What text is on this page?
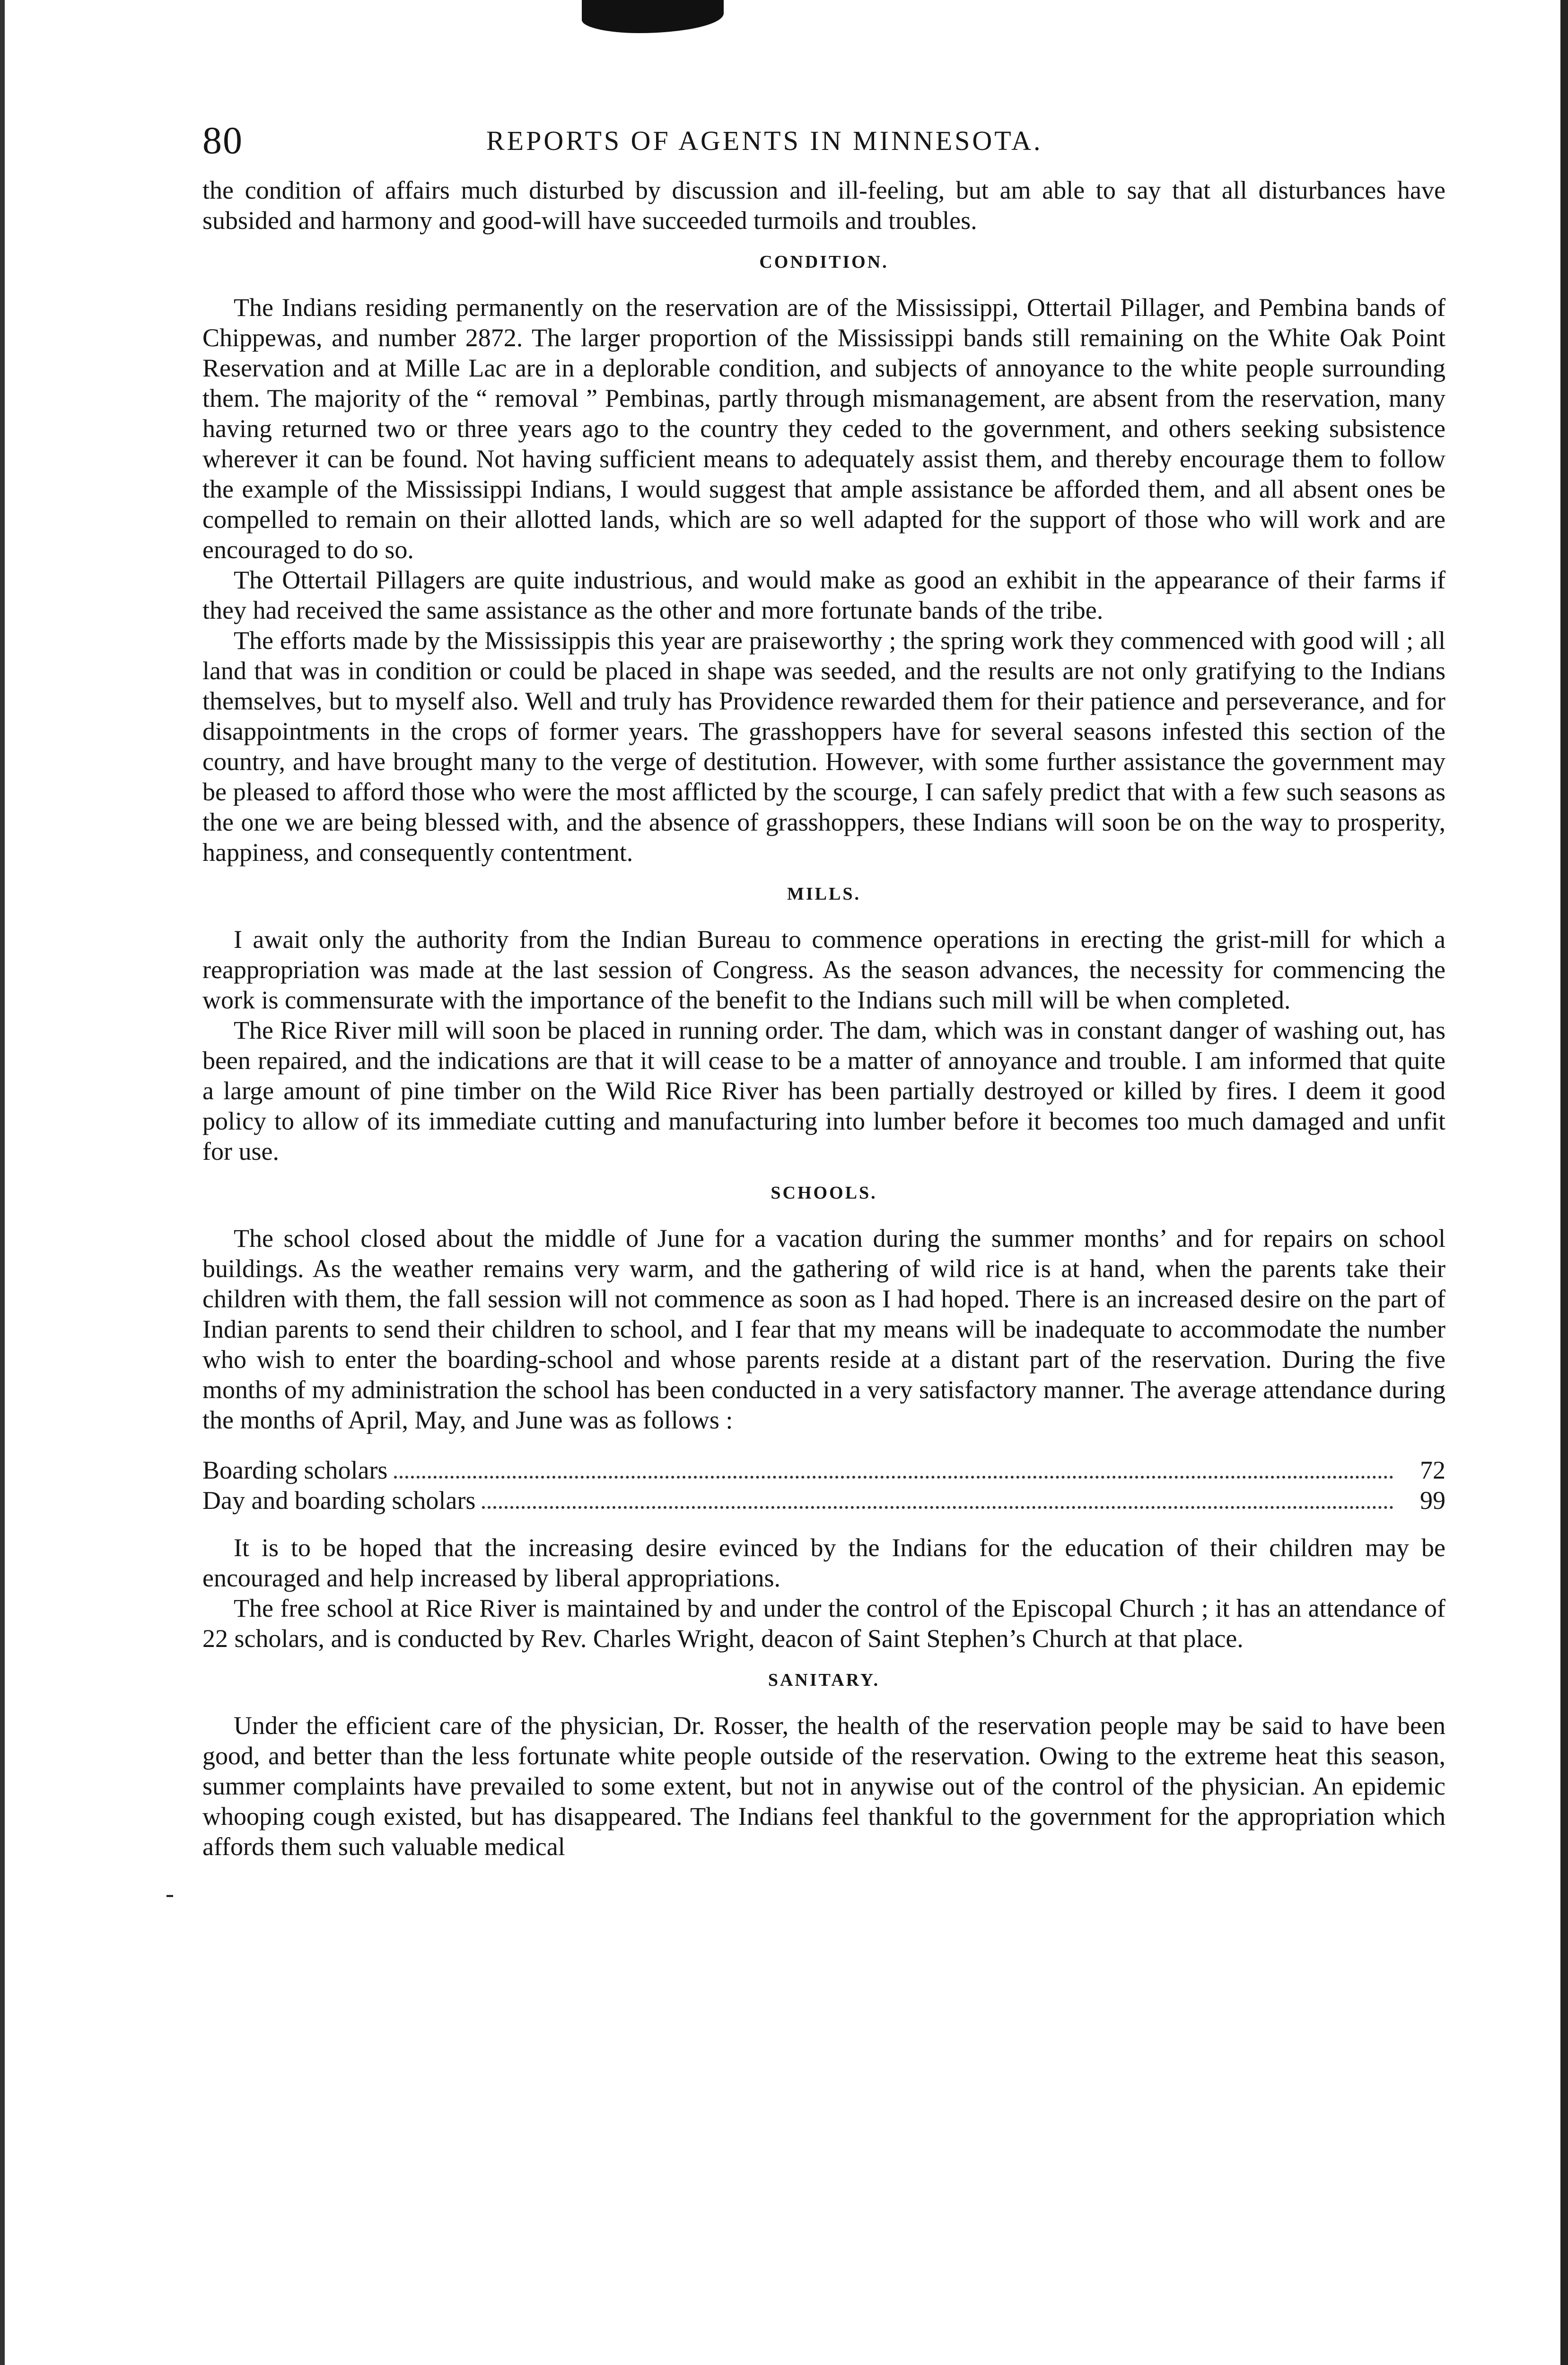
-
80	REPORTS OF AGENTS IN MINNESOTA.

the condition of affairs much disturbed by discussion and ill-feeling, but am able to say that all disturbances have subsided and harmony and good-will have succeeded turmoils and troubles.

CONDITION.

The Indians residing permanently on the reservation are of the Mississippi, Ottertail Pillager, and Pembina bands of Chippewas, and number 2872. The larger proportion of the Mississippi bands still remaining on the White Oak Point Reservation and at Mille Lac are in a deplorable condition, and subjects of annoyance to the white people surrounding them. The majority of the “ removal ” Pembinas, partly through mismanagement, are absent from the reservation, many having returned two or three years ago to the country they ceded to the government, and others seeking subsistence wherever it can be found. Not having sufficient means to adequately assist them, and thereby encourage them to follow the example of the Mississippi Indians, I would suggest that ample assistance be afforded them, and all absent ones be compelled to remain on their allotted lands, which are so well adapted for the support of those who will work and are encouraged to do so.

The Ottertail Pillagers are quite industrious, and would make as good an exhibit in the appearance of their farms if they had received the same assistance as the other and more fortunate bands of the tribe.

The efforts made by the Mississippis this year are praiseworthy ; the spring work they commenced with good will ; all land that was in condition or could be placed in shape was seeded, and the results are not only gratifying to the Indians themselves, but to myself also. Well and truly has Providence rewarded them for their patience and perseverance, and for disappointments in the crops of former years. The grasshoppers have for several seasons infested this section of the country, and have brought many to the verge of destitution. However, with some further assistance the government may be pleased to afford those who were the most afflicted by the scourge, I can safely predict that with a few such seasons as the one we are being blessed with, and the absence of grasshoppers, these Indians will soon be on the way to prosperity, happiness, and consequently contentment.

MILLS.

I await only the authority from the Indian Bureau to commence operations in erecting the grist-mill for which a reappropriation was made at the last session of Congress. As the season advances, the necessity for commencing the work is commensurate with the importance of the benefit to the Indians such mill will be when completed.

The Rice River mill will soon be placed in running order. The dam, which was in constant danger of washing out, has been repaired, and the indications are that it will cease to be a matter of annoyance and trouble. I am informed that quite a large amount of pine timber on the Wild Rice River has been partially destroyed or killed by fires. I deem it good policy to allow of its immediate cutting and manufacturing into lumber before it becomes too much damaged and unfit for use.

SCHOOLS.

The school closed about the middle of June for a vacation during the summer months’ and for repairs on school buildings. As the weather remains very warm, and the gathering of wild rice is at hand, when the parents take their children with them, the fall session will not commence as soon as I had hoped. There is an increased desire on the part of Indian parents to send their children to school, and I fear that my means will be inadequate to accommodate the number who wish to enter the boarding-school and whose parents reside at a distant part of the reservation. During the five months of my administration the school has been conducted in a very satisfactory manner. The average attendance during the months of April, May, and June was as follows :

Boarding scholars	72
Day and boarding scholars	99

It is to be hoped that the increasing desire evinced by the Indians for the education of their children may be encouraged and help increased by liberal appropriations.

The free school at Rice River is maintained by and under the control of the Episcopal Church ; it has an attendance of 22 scholars, and is conducted by Rev. Charles Wright, deacon of Saint Stephen’s Church at that place.

SANITARY.

Under the efficient care of the physician, Dr. Rosser, the health of the reservation people may be said to have been good, and better than the less fortunate white people outside of the reservation. Owing to the extreme heat this season, summer complaints have prevailed to some extent, but not in anywise out of the control of the physician. An epidemic whooping cough existed, but has disappeared. The Indians feel thankful to the government for the appropriation which affords them such valuable medical
